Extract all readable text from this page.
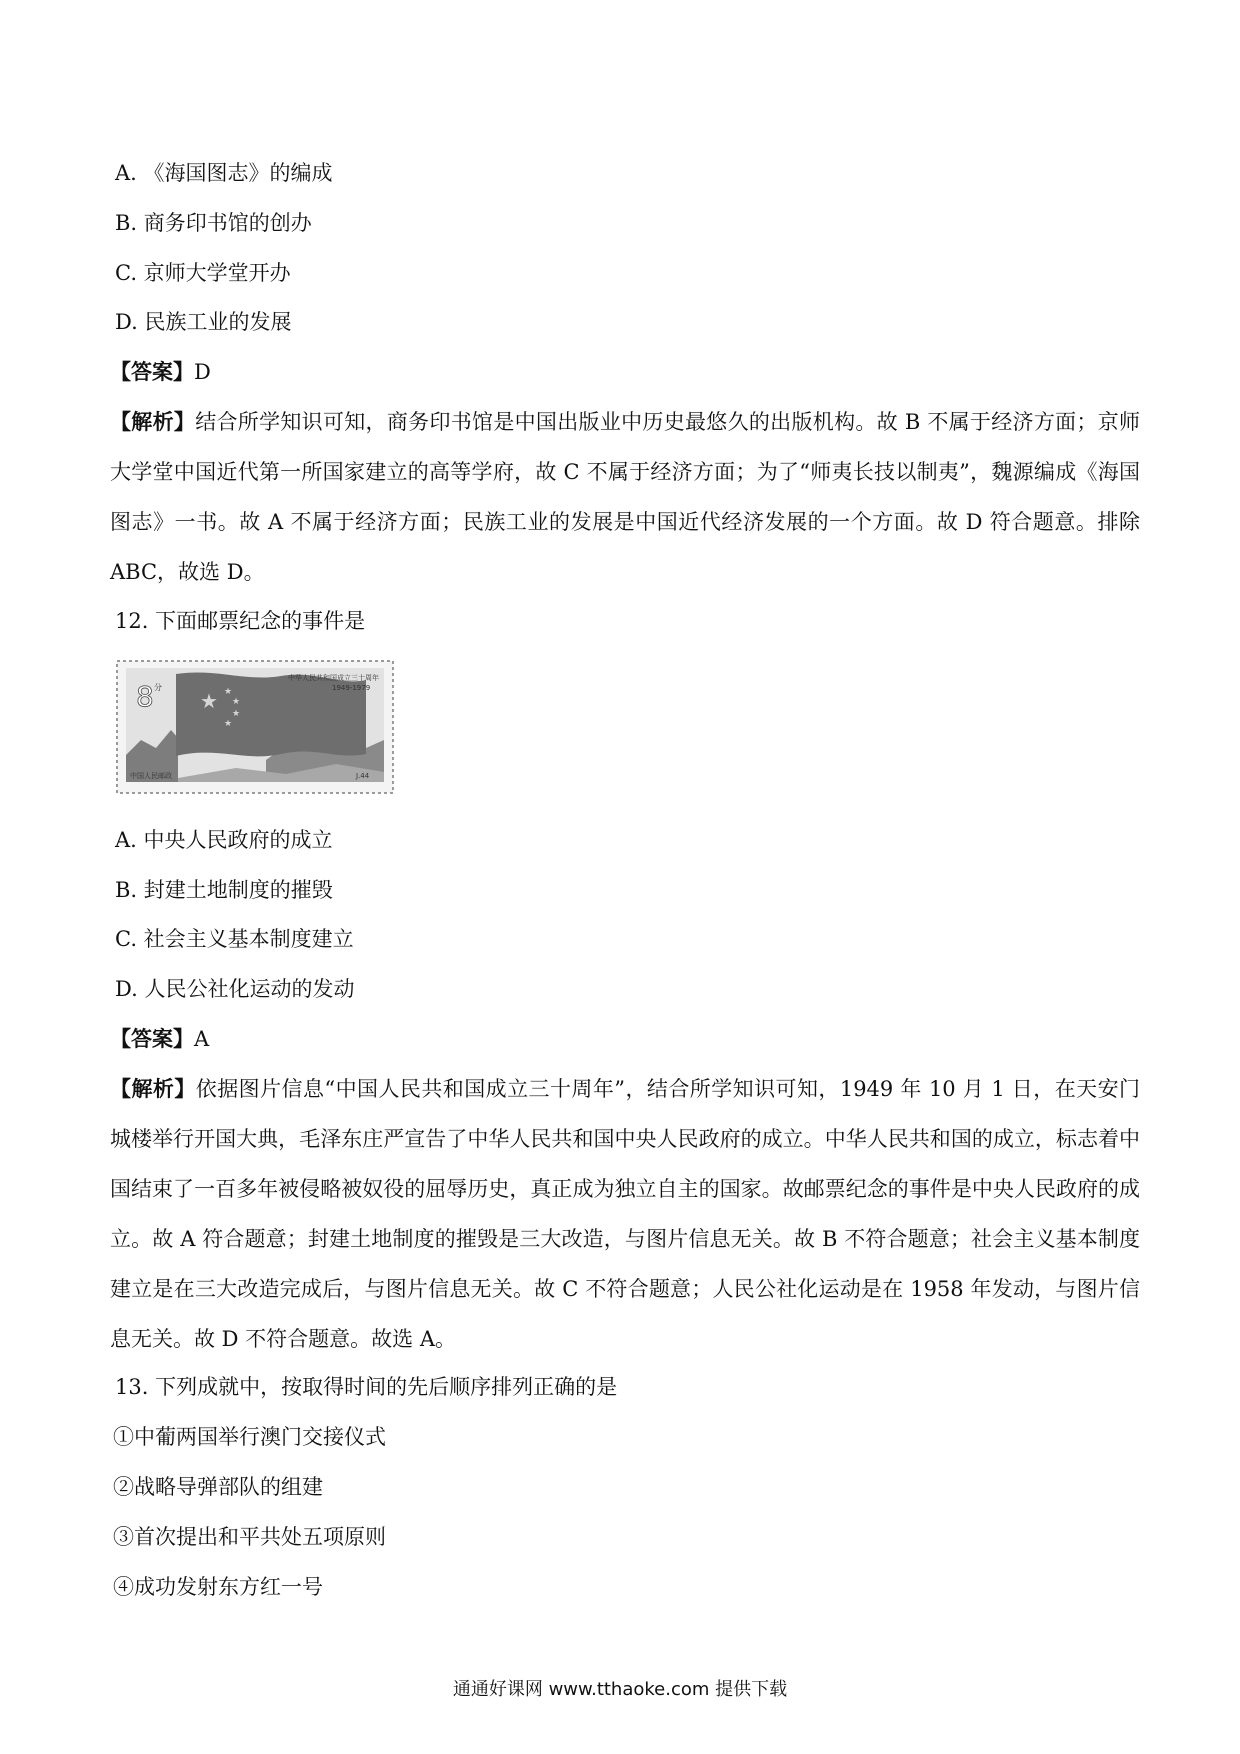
A. 《海国图志》的编成
B. 商务印书馆的创办
C. 京师大学堂开办
D. 民族工业的发展
【答案】D
【解析】结合所学知识可知，商务印书馆是中国出版业中历史最悠久的出版机构。故 B 不属于经济方面；京师大学堂中国近代第一所国家建立的高等学府，故 C 不属于经济方面；为了“师夷长技以制夷”，魏源编成《海国图志》一书。故 A 不属于经济方面；民族工业的发展是中国近代经济发展的一个方面。故 D 符合题意。排除 ABC，故选 D。
12. 下面邮票纪念的事件是
★ ★
★
★
★
8 分
中华人民共和国成立三十周年
1949-1979
中国人民邮政	J.44
A. 中央人民政府的成立
B. 封建土地制度的摧毁
C. 社会主义基本制度建立
D. 人民公社化运动的发动
【答案】A
【解析】依据图片信息“中国人民共和国成立三十周年”，结合所学知识可知，1949 年 10 月 1 日，在天安门城楼举行开国大典，毛泽东庄严宣告了中华人民共和国中央人民政府的成立。中华人民共和国的成立，标志着中国结束了一百多年被侵略被奴役的屈辱历史，真正成为独立自主的国家。故邮票纪念的事件是中央人民政府的成立。故 A 符合题意；封建土地制度的摧毁是三大改造，与图片信息无关。故 B 不符合题意；社会主义基本制度建立是在三大改造完成后，与图片信息无关。故 C 不符合题意；人民公社化运动是在 1958 年发动，与图片信息无关。故 D 不符合题意。故选 A。
13. 下列成就中，按取得时间的先后顺序排列正确的是
①中葡两国举行澳门交接仪式
②战略导弹部队的组建
③首次提出和平共处五项原则
④成功发射东方红一号
通通好课网 www.tthaoke.com 提供下载
